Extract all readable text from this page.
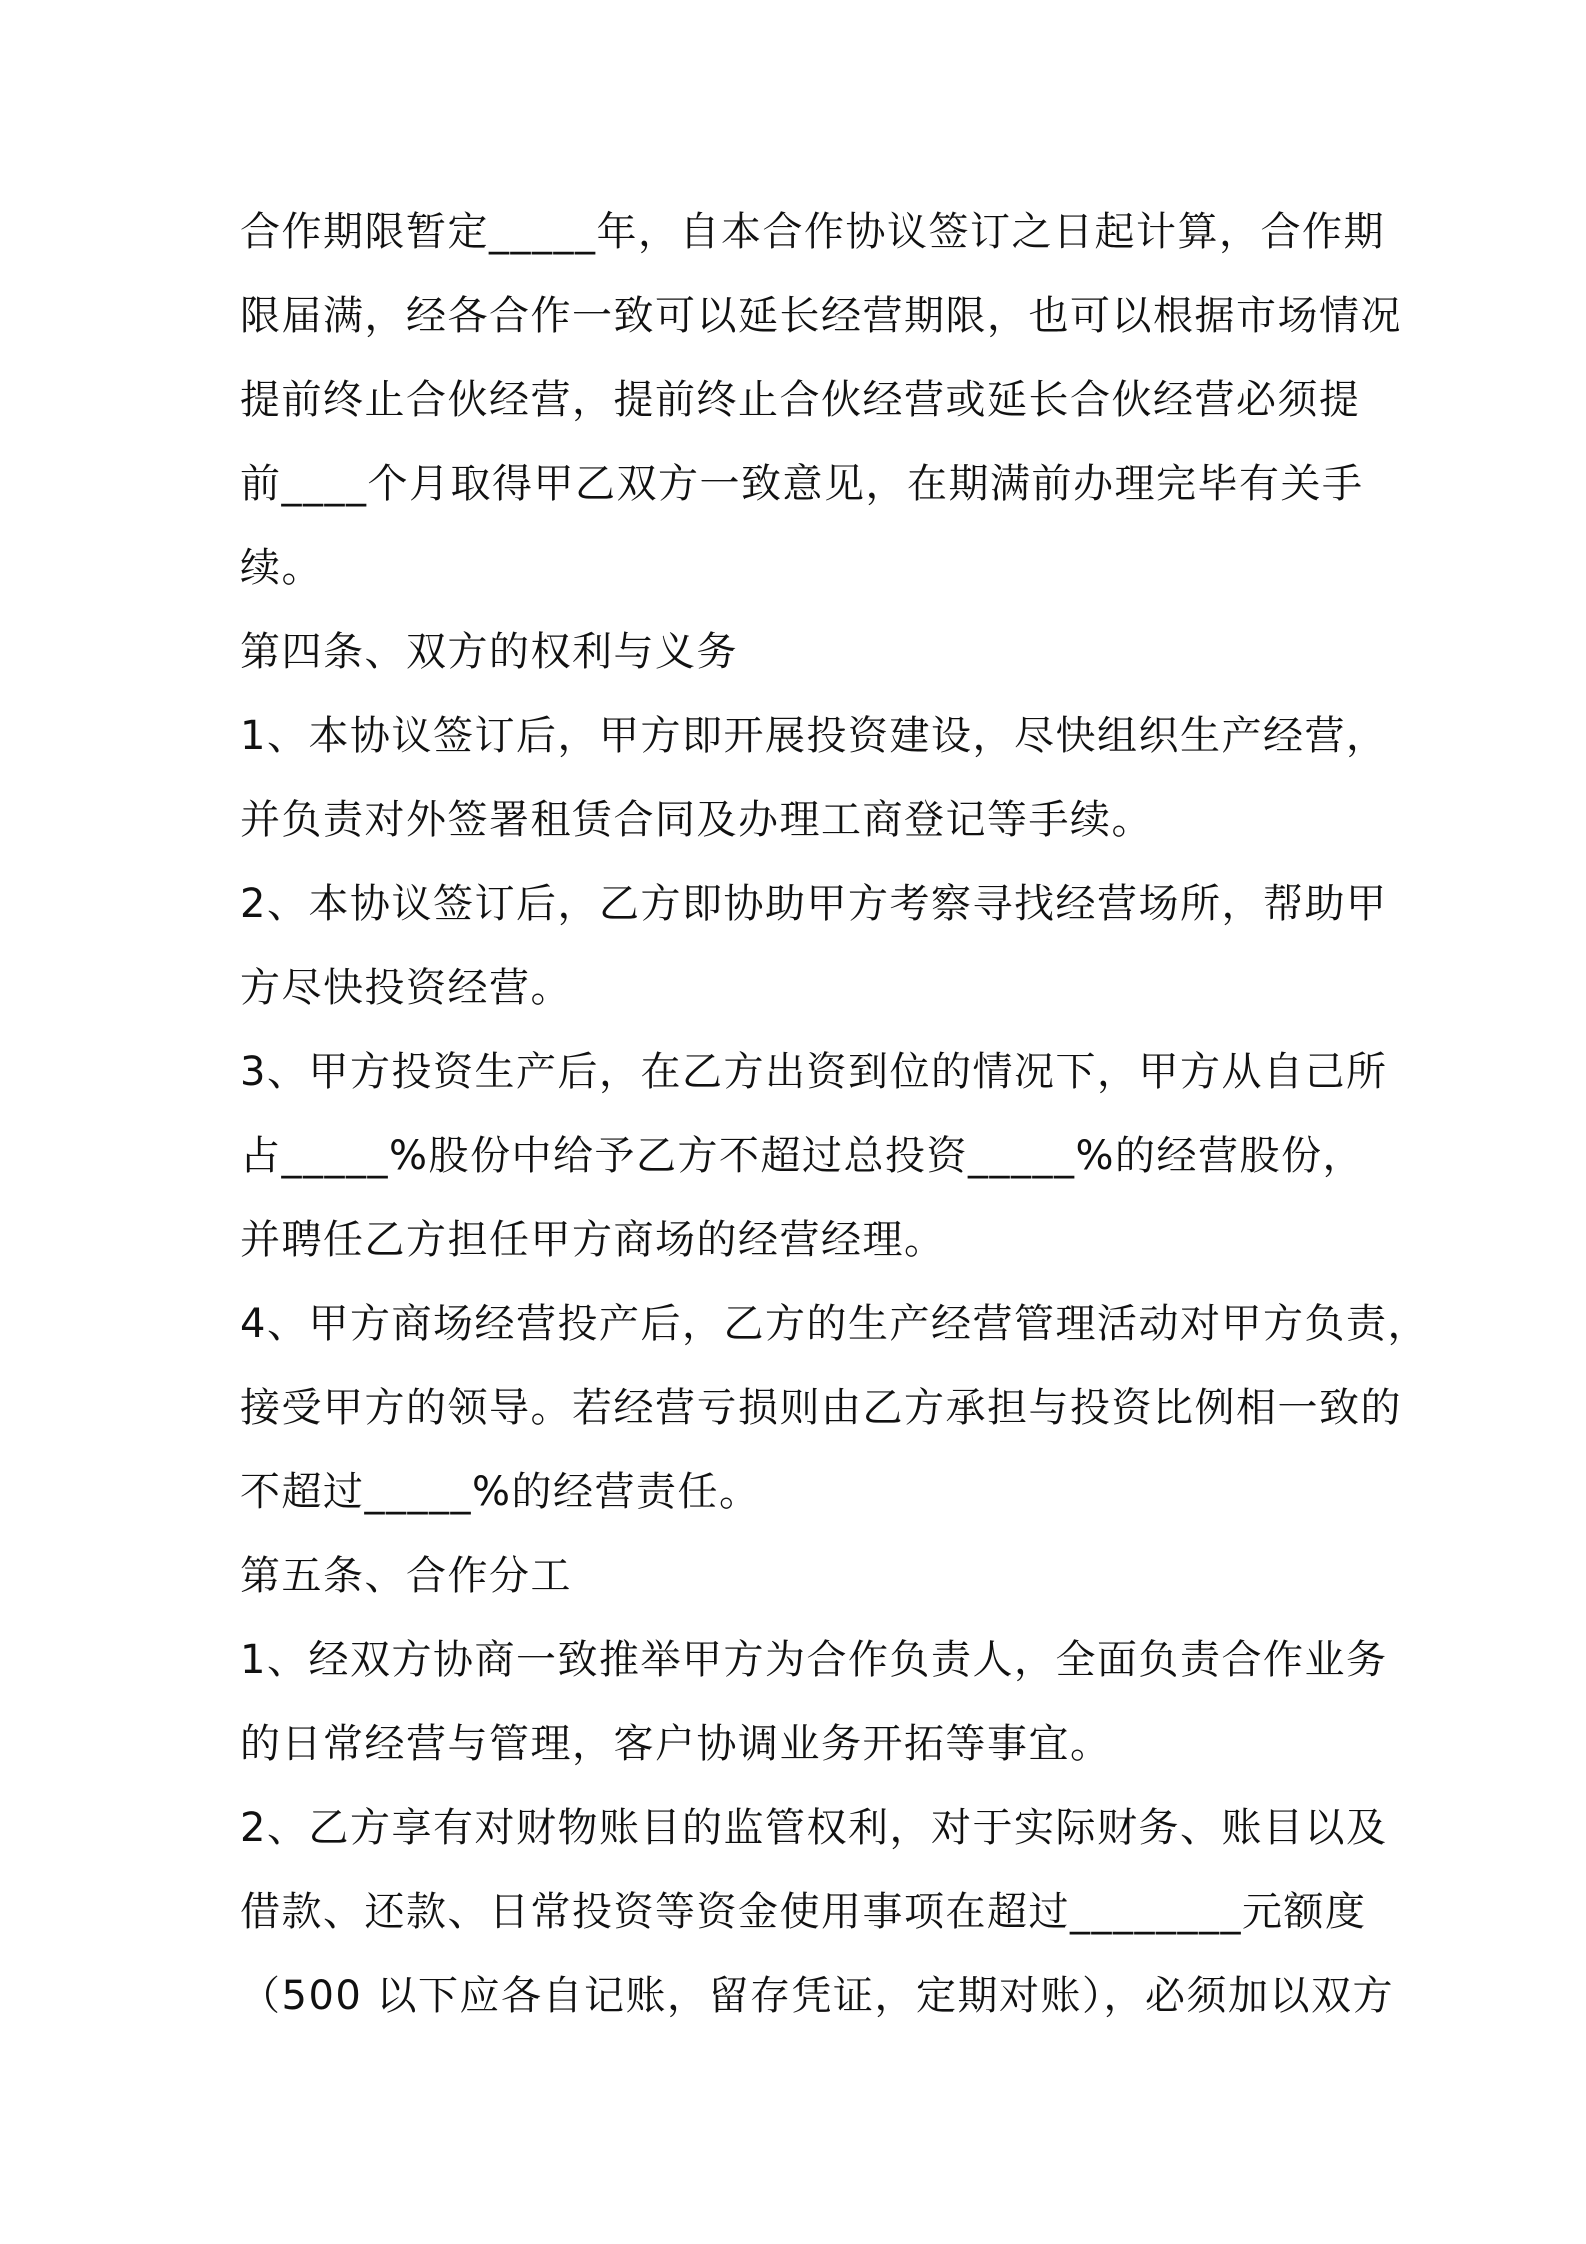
合作期限暂定_____年，自本合作协议签订之日起计算，合作期
限届满，经各合作一致可以延长经营期限，也可以根据市场情况
提前终止合伙经营，提前终止合伙经营或延长合伙经营必须提
前____个月取得甲乙双方一致意见，在期满前办理完毕有关手
续。
第四条、双方的权利与义务
1、本协议签订后，甲方即开展投资建设，尽快组织生产经营，
并负责对外签署租赁合同及办理工商登记等手续。
2、本协议签订后，乙方即协助甲方考察寻找经营场所，帮助甲
方尽快投资经营。
3、甲方投资生产后，在乙方出资到位的情况下，甲方从自己所
占_____%股份中给予乙方不超过总投资_____%的经营股份，
并聘任乙方担任甲方商场的经营经理。
4、甲方商场经营投产后，乙方的生产经营管理活动对甲方负责，
接受甲方的领导。若经营亏损则由乙方承担与投资比例相一致的
不超过_____%的经营责任。
第五条、合作分工
1、经双方协商一致推举甲方为合作负责人，全面负责合作业务
的日常经营与管理，客户协调业务开拓等事宜。
2、乙方享有对财物账目的监管权利，对于实际财务、账目以及
借款、还款、日常投资等资金使用事项在超过________元额度
（500 以下应各自记账，留存凭证，定期对账），必须加以双方
